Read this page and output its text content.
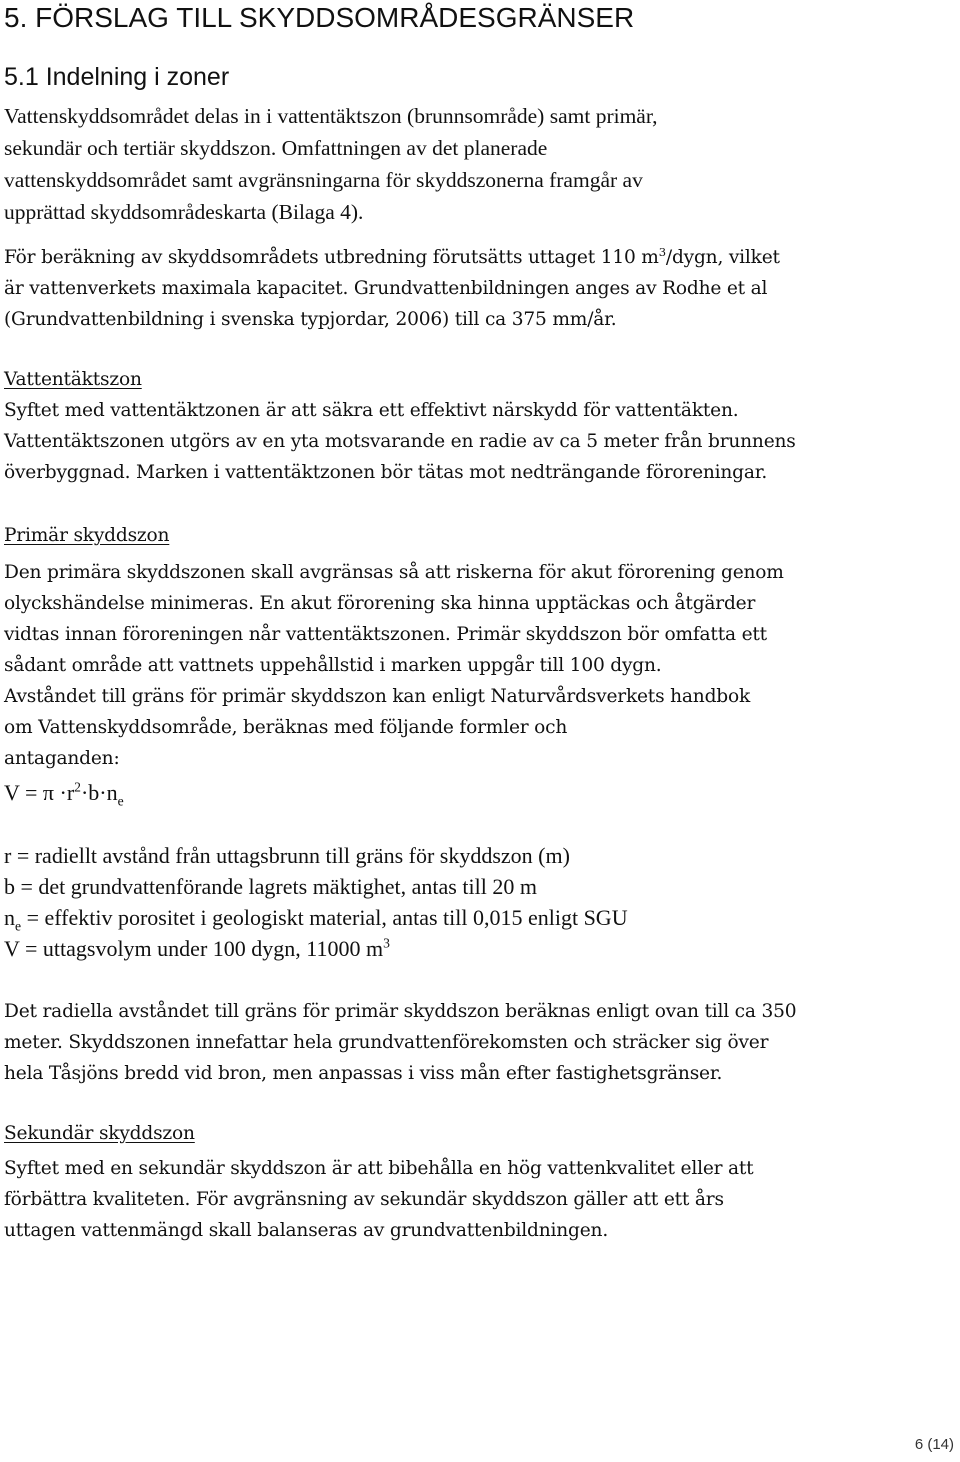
5. FÖRSLAG TILL SKYDDSOMRÅDESGRÄNSER
5.1 Indelning i zoner
Vattenskyddsområdet delas in i vattentäktszon (brunnsområde) samt primär,
sekundär och tertiär skyddszon. Omfattningen av det planerade
vattenskyddsområdet samt avgränsningarna för skyddszonerna framgår av
upprättad skyddsområdeskarta (Bilaga 4).
För beräkning av skyddsområdets utbredning förutsätts uttaget 110 $m^3$/dygn, vilket
är vattenverkets maximala kapacitet. Grundvattenbildningen anges av Rodhe et al
(Grundvattenbildning i svenska typjordar, 2006) till ca 375 mm/år.
Vattentäktszon
Syftet med vattentäktzonen är att säkra ett effektivt närskydd för vattentäkten.
Vattentäktszonen utgörs av en yta motsvarande en radie av ca 5 meter från brunnens
överbyggnad. Marken i vattentäktzonen bör tätas mot nedträngande föroreningar.
Primär skyddszon
Den primära skyddszonen skall avgränsas så att riskerna för akut förorening genom
olyckshändelse minimeras. En akut förorening ska hinna upptäckas och åtgärder
vidtas innan föroreningen når vattentäktszonen. Primär skyddszon bör omfatta ett
sådant område att vattnets uppehållstid i marken uppgår till 100 dygn.
Avståndet till gräns för primär skyddszon kan enligt Naturvårdsverkets handbok
om Vattenskyddsområde, beräknas med följande formler och
antaganden:
$V = \pi \cdot r^2\cdot b\cdot n_e$
r = radiellt avstånd från uttagsbrunn till gräns för skyddszon (m)
b = det grundvattenförande lagrets mäktighet, antas till 20 m
$n_e$ = effektiv porositet i geologiskt material, antas till 0,015 enligt SGU
V = uttagsvolym under 100 dygn, 11000 $m^3$
Det radiella avståndet till gräns för primär skyddszon beräknas enligt ovan till ca 350
meter. Skyddszonen innefattar hela grundvattenförekomsten och sträcker sig över
hela Tåsjöns bredd vid bron, men anpassas i viss mån efter fastighetsgränser.
Sekundär skyddszon
Syftet med en sekundär skyddszon är att bibehålla en hög vattenkvalitet eller att
förbättra kvaliteten. För avgränsning av sekundär skyddszon gäller att ett års
uttagen vattenmängd skall balanseras av grundvattenbildningen.
6 (14)
